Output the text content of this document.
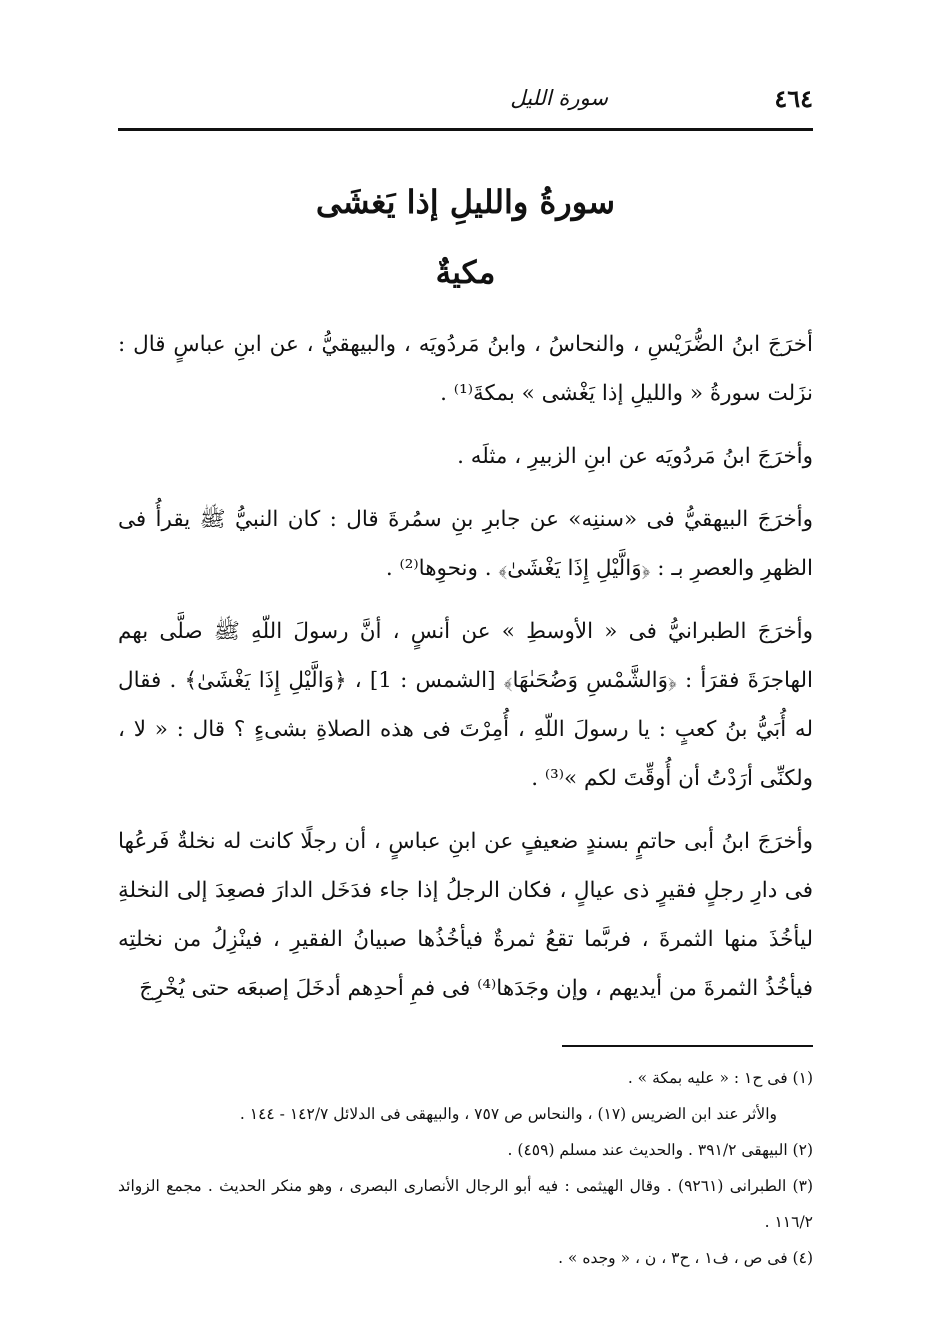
٤٦٤
سورة الليل
سورةُ والليلِ إذا يَغشَى
مكيةٌ

أخرَجَ ابنُ الضُّرَيْسِ ، والنحاسُ ، وابنُ مَردُويَه ، والبيهقيُّ ، عن ابنِ عباسٍ قال : نزَلت سورةُ « والليلِ إذا يَغْشى » بمكةَ⁽¹⁾ .

وأخرَجَ ابنُ مَردُويَه عن ابنِ الزبيرِ ، مثلَه .

وأخرَجَ البيهقيُّ فى «سننِه» عن جابرِ بنِ سمُرةَ قال : كان النبيُّ ﷺ يقرأُ فى الظهرِ والعصرِ بـ : ﴿وَالَّيْلِ إِذَا يَغْشَىٰ﴾ . ونحوِها⁽²⁾ .

وأخرَجَ الطبرانيُّ فى « الأوسطِ » عن أنسٍ ، أنَّ رسولَ اللّهِ ﷺ صلَّى بهم الهاجرَةَ فقرَأ : ﴿وَالشَّمْسِ وَضُحَىٰهَا﴾ [الشمس : 1] ، ﴿وَالَّيْلِ إِذَا يَغْشَىٰ﴾ . فقال له أُبَيُّ بنُ كعبٍ : يا رسولَ اللّهِ ، أُمِرْتَ فى هذه الصلاةِ بشىءٍ ؟ قال : « لا ، ولكنِّى أرَدْتُ أن أُوقِّتَ لكم »⁽³⁾ .

وأخرَجَ ابنُ أبى حاتمٍ بسندٍ ضعيفٍ عن ابنِ عباسٍ ، أن رجلًا كانت له نخلةٌ فَرعُها فى دارِ رجلٍ فقيرٍ ذى عيالٍ ، فكان الرجلُ إذا جاء فدَخَل الدارَ فصعِدَ إلى النخلةِ ليأخُذَ منها الثمرةَ ، فربَّما تقعُ ثمرةٌ فيأخُذُها صبيانُ الفقيرِ ، فينْزِلُ من نخلتِه فيأخُذُ الثمرةَ من أيديهم ، وإن وجَدَها⁽⁴⁾ فى فمِ أحدِهم أدخَلَ إصبعَه حتى يُخْرِجَ

(١) فى ح١ : « عليه بمكة » .

والأثر عند ابن الضريس (١٧) ، والنحاس ص ٧٥٧ ، والبيهقى فى الدلائل ١٤٢/٧ - ١٤٤ .

(٢) البيهقى ٣٩١/٢ . والحديث عند مسلم (٤٥٩) .

(٣) الطبرانى (٩٢٦١) . وقال الهيثمى : فيه أبو الرجال الأنصارى البصرى ، وهو منكر الحديث . مجمع الزوائد ١١٦/٢ .

(٤) فى ص ، ف١ ، ح٣ ، ن ، « وجده » .
